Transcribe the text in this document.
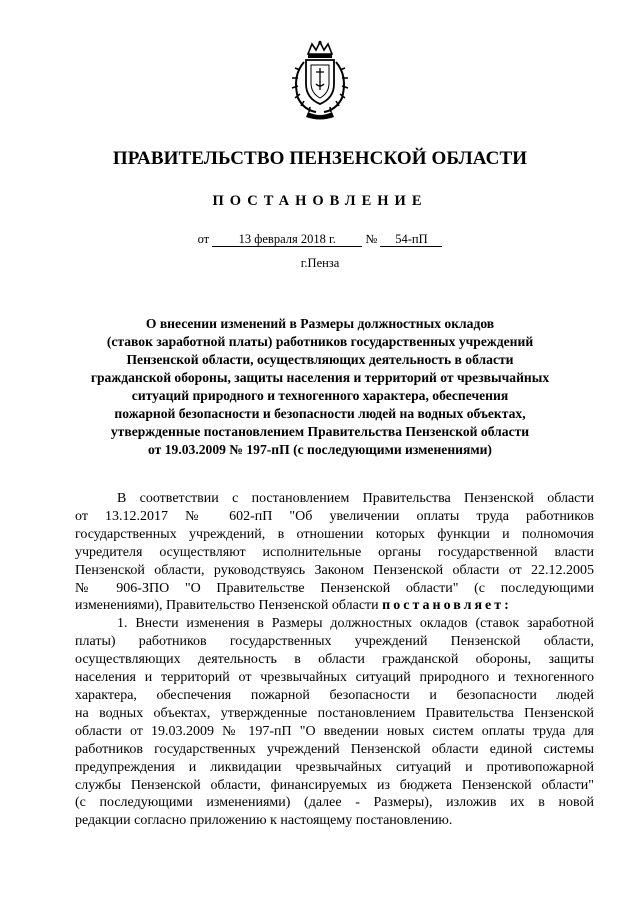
ПРАВИТЕЛЬСТВО ПЕНЗЕНСКОЙ ОБЛАСТИ
ПОСТАНОВЛЕНИЕ
от 13 февраля 2018 г. № 54-пП
г.Пенза
О внесении изменений в Размеры должностных окладов
(ставок заработной платы) работников государственных учреждений
Пензенской области, осуществляющих деятельность в области
гражданской обороны, защиты населения и территорий от чрезвычайных
ситуаций природного и техногенного характера, обеспечения
пожарной безопасности и безопасности людей на водных объектах,
утвержденные постановлением Правительства Пензенской области
от 19.03.2009 № 197-пП (с последующими изменениями)
В соответствии с постановлением Правительства Пензенской области
от 13.12.2017 № 602-пП "Об увеличении оплаты труда работников
государственных учреждений, в отношении которых функции и полномочия
учредителя осуществляют исполнительные органы государственной власти
Пензенской области, руководствуясь Законом Пензенской области от 22.12.2005
№ 906-ЗПО "О Правительстве Пензенской области" (с последующими
изменениями), Правительство Пензенской области постановляет:
1. Внести изменения в Размеры должностных окладов (ставок заработной
платы) работников государственных учреждений Пензенской области,
осуществляющих деятельность в области гражданской обороны, защиты
населения и территорий от чрезвычайных ситуаций природного и техногенного
характера, обеспечения пожарной безопасности и безопасности людей
на водных объектах, утвержденные постановлением Правительства Пензенской
области от 19.03.2009 № 197-пП "О введении новых систем оплаты труда для
работников государственных учреждений Пензенской области единой системы
предупреждения и ликвидации чрезвычайных ситуаций и противопожарной
службы Пензенской области, финансируемых из бюджета Пензенской области"
(с последующими изменениями) (далее - Размеры), изложив их в новой
редакции согласно приложению к настоящему постановлению.
